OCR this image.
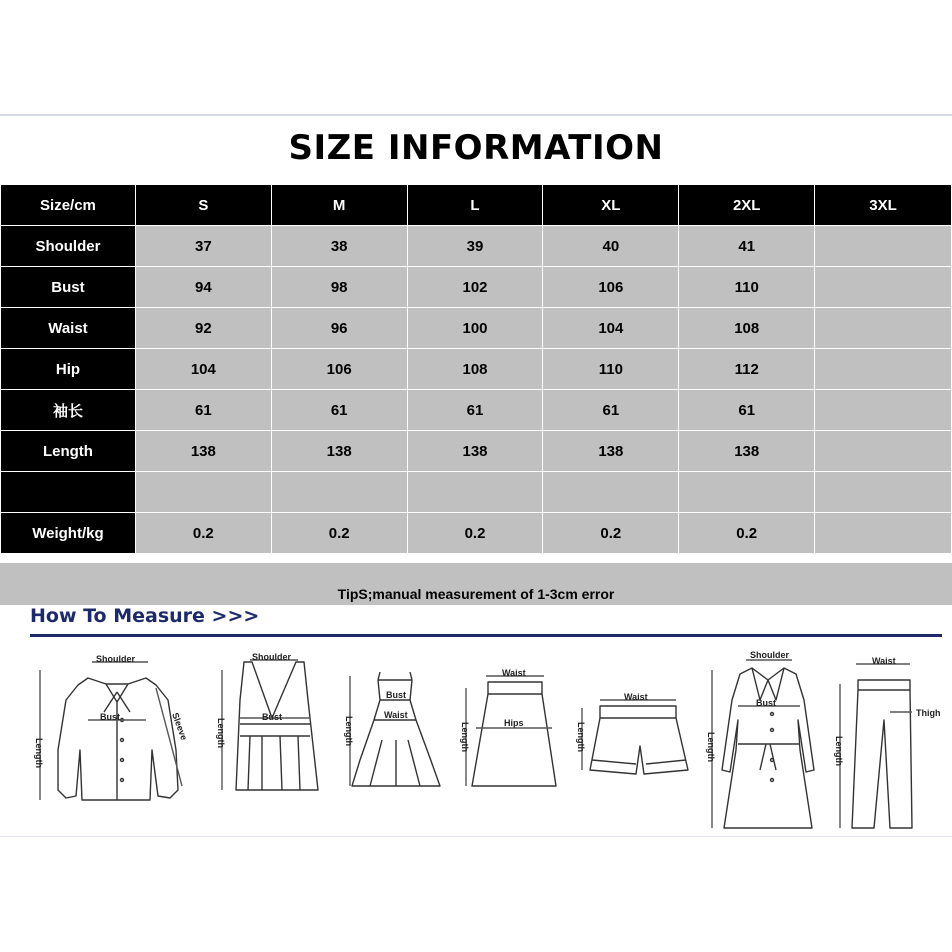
SIZE INFORMATION
Size/cm	S	M	L	XL	2XL	3XL
Shoulder	37	38	39	40	41	
Bust	94	98	102	106	110	
Waist	92	96	100	104	108	
Hip	104	106	108	110	112	
袖长	61	61	61	61	61	
Length	138	138	138	138	138	

Weight/kg	0.2	0.2	0.2	0.2	0.2	
TipS;manual measurement of 1-3cm error
How To Measure >>>
Shoulder
Bust
Length
Sleeve
Shoulder
Bust
Length
Bust
Waist
Length
Waist
Hips
Length
Waist
Length
Shoulder
Bust
Length
Waist
Thigh
Length
